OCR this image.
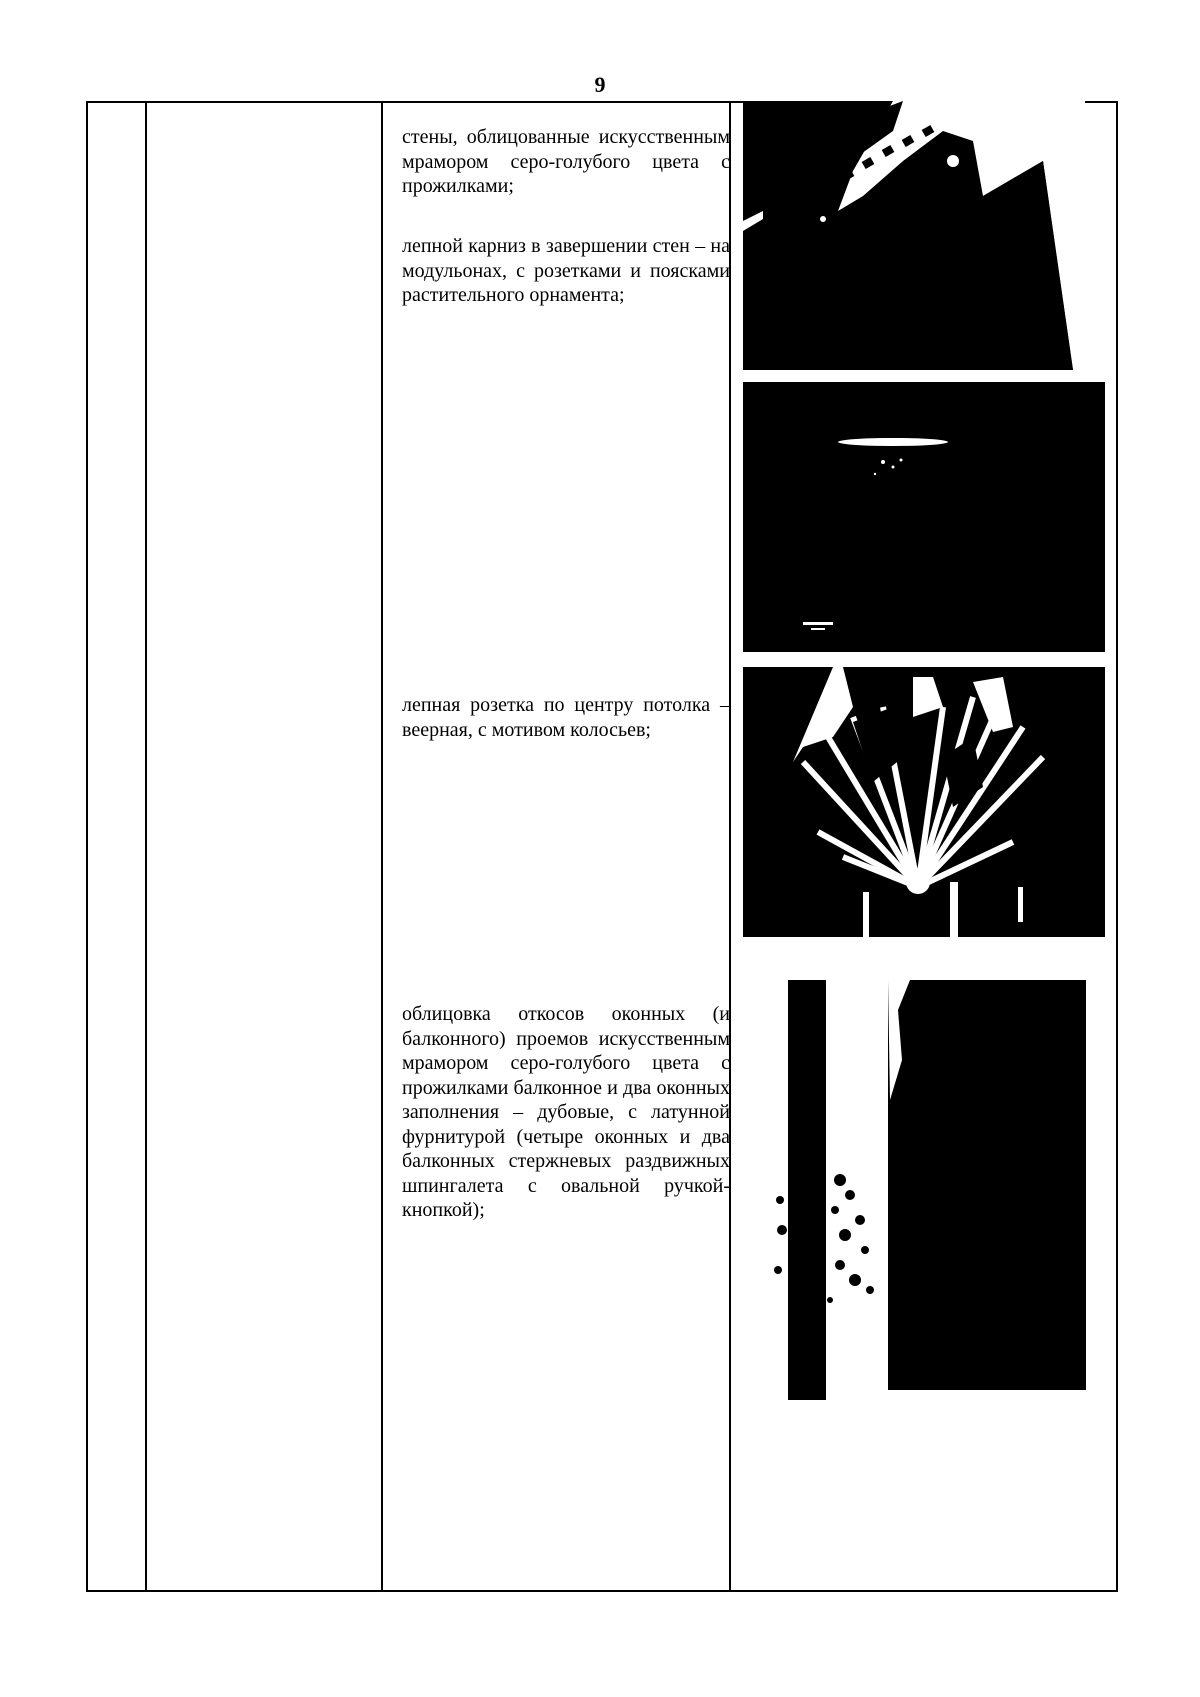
9
стены, облицованные искусственным мрамором серо-голубого цвета с прожилками;
лепной карниз в завершении стен – на модульонах, с розетками и поясками растительного орнамента;
лепная розетка по центру потолка – веерная, с мотивом колосьев;
облицовка откосов оконных (и балконного) проемов искусственным мрамором серо-голубого цвета с прожилками балконное и два оконных заполнения – дубовые, с латунной фурнитурой (четыре оконных и два балконных стержневых раздвижных шпингалета с овальной ручкой-кнопкой);
